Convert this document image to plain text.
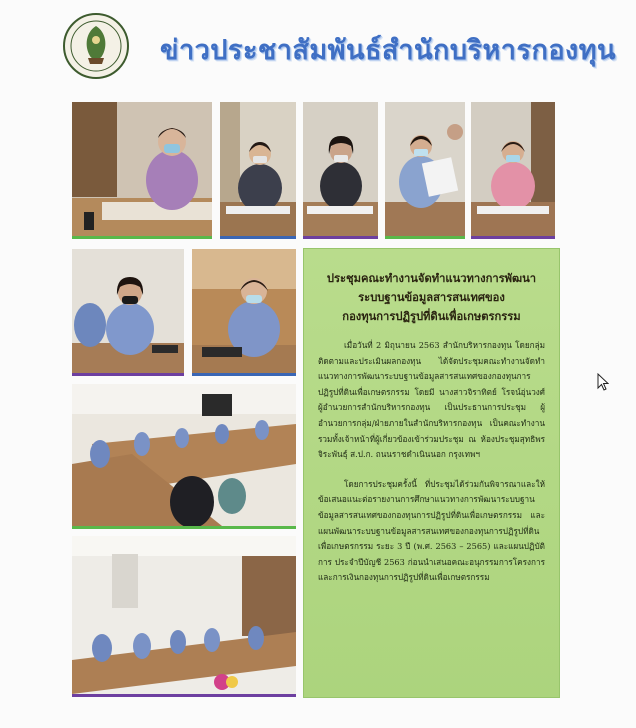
ข่าวประชาสัมพันธ์สำนักบริหารกองทุน
ประชุมคณะทำงานจัดทำแนวทางการพัฒนา
ระบบฐานข้อมูลสารสนเทศของ
กองทุนการปฏิรูปที่ดินเพื่อเกษตรกรรม

เมื่อวันที่ 2 มิถุนายน 2563 สำนักบริหารกองทุน โดยกลุ่มติดตามและประเมินผลกองทุน ได้จัดประชุมคณะทำงานจัดทำแนวทางการพัฒนาระบบฐานข้อมูลสารสนเทศของกองทุนการปฏิรูปที่ดินเพื่อเกษตรกรรม โดยมี นางสาวจิราทิตย์ โรจน์อุ่นวงศ์ ผู้อำนวยการสำนักบริหารกองทุน เป็นประธานการประชุม ผู้อำนวยการกลุ่ม/ฝ่ายภายในสำนักบริหารกองทุน เป็นคณะทำงาน รวมทั้งเจ้าหน้าที่ผู้เกี่ยวข้องเข้าร่วมประชุม ณ ห้องประชุมสุทธิพร จิระพันธุ์ ส.ป.ก. ถนนราชดำเนินนอก กรุงเทพฯ

โดยการประชุมครั้งนี้ ที่ประชุมได้ร่วมกันพิจารณาและให้ข้อเสนอแนะต่อรายงานการศึกษาแนวทางการพัฒนาระบบฐานข้อมูลสารสนเทศของกองทุนการปฏิรูปที่ดินเพื่อเกษตรกรรม และแผนพัฒนาระบบฐานข้อมูลสารสนเทศของกองทุนการปฏิรูปที่ดินเพื่อเกษตรกรรม ระยะ 3 ปี (พ.ศ. 2563 – 2565) และแผนปฏิบัติการ ประจำปีบัญชี 2563 ก่อนนำเสนอคณะอนุกรรมการโครงการและการเงินกองทุนการปฏิรูปที่ดินเพื่อเกษตรกรรม
